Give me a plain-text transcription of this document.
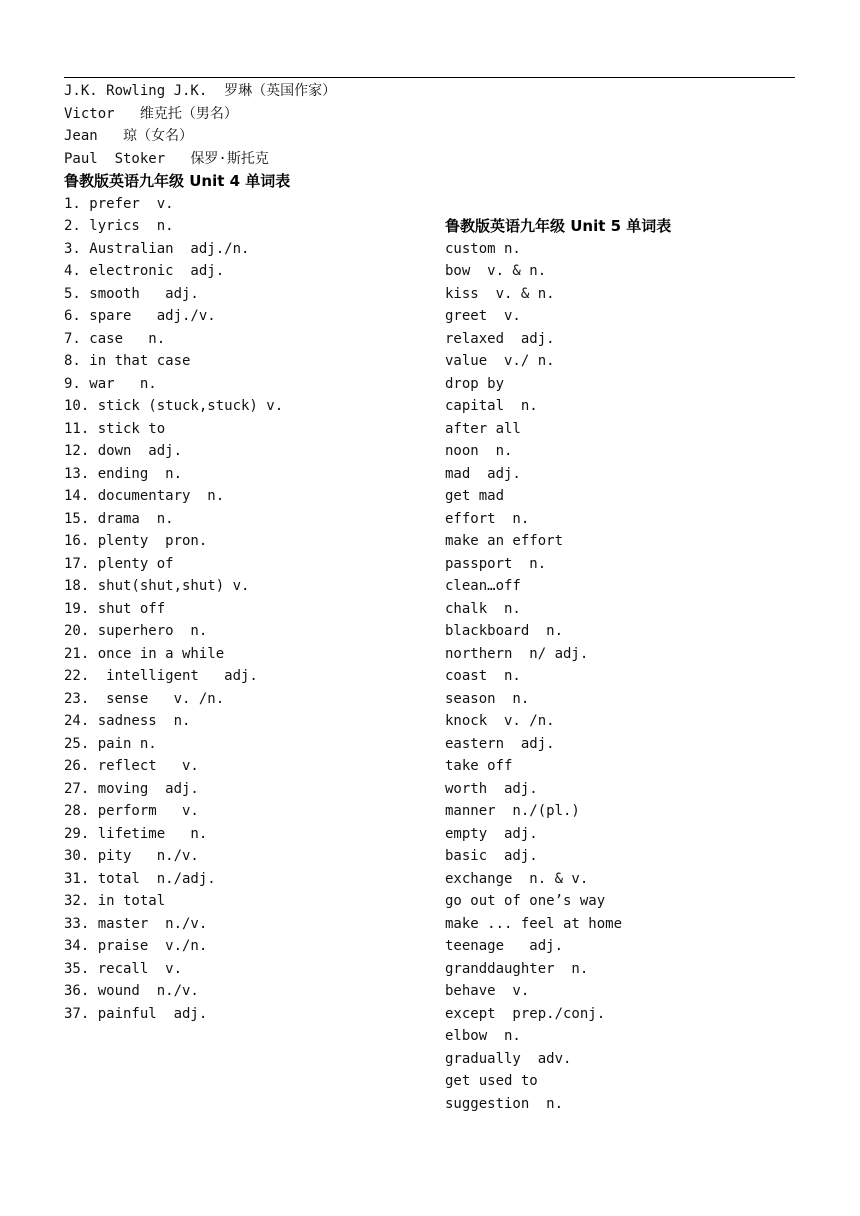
J.K. Rowling J.K.  罗琳（英国作家）
Victor   维克托（男名）
Jean   琼（女名）
Paul  Stoker   保罗·斯托克
鲁教版英语九年级 Unit 4 单词表
1. prefer  v.
2. lyrics  n.
3. Australian  adj./n.
4. electronic  adj.
5. smooth   adj.
6. spare   adj./v.
7. case   n.
8. in that case
9. war   n.
10. stick (stuck,stuck) v.
11. stick to
12. down  adj.
13. ending  n.
14. documentary  n.
15. drama  n.
16. plenty  pron.
17. plenty of
18. shut(shut,shut) v.
19. shut off
20. superhero  n.
21. once in a while
22.  intelligent   adj.
23.  sense   v. /n.
24. sadness  n.
25. pain n.
26. reflect   v.
27. moving  adj.
28. perform   v.
29. lifetime   n.
30. pity   n./v.
31. total  n./adj.
32. in total
33. master  n./v.
34. praise  v./n.
35. recall  v.
36. wound  n./v.
37. painful  adj.
鲁教版英语九年级 Unit 5 单词表
custom n.
bow  v. & n.
kiss  v. & n.
greet  v.
relaxed  adj.
value  v./ n.
drop by
capital  n.
after all
noon  n.
mad  adj.
get mad
effort  n.
make an effort
passport  n.
clean…off
chalk  n.
blackboard  n.
northern  n/ adj.
coast  n.
season  n.
knock  v. /n.
eastern  adj.
take off
worth  adj.
manner  n./(pl.)
empty  adj.
basic  adj.
exchange  n. & v.
go out of one’s way
make ... feel at home
teenage   adj.
granddaughter  n.
behave  v.
except  prep./conj.
elbow  n.
gradually  adv.
get used to
suggestion  n.
